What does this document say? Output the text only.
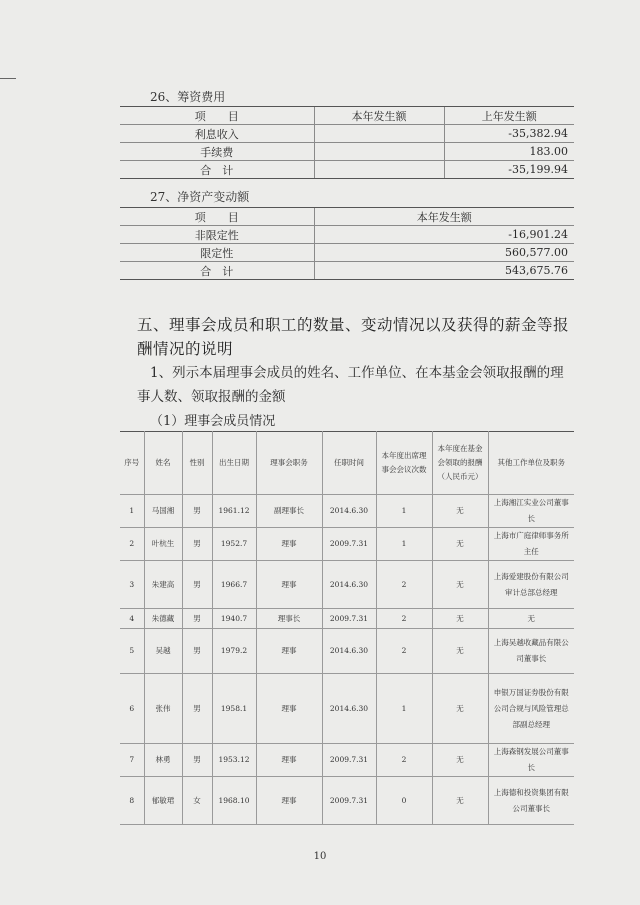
26、筹资费用
项　　目	本年发生额	上年发生额
利息收入		-35,382.94
手续费		183.00
合　计		-35,199.94
27、净资产变动额
项　　目	本年发生额
非限定性	-16,901.24
限定性	560,577.00
合　计	543,675.76
五、理事会成员和职工的数量、变动情况以及获得的薪金等报酬情况的说明
1、列示本届理事会成员的姓名、工作单位、在本基金会领取报酬的理事人数、领取报酬的金额
（1）理事会成员情况
序号	姓名	性别	出生日期	理事会职务	任职时间	本年度出席理事会会议次数	本年度在基金会领取的报酬（人民币元）	其他工作单位及职务
1	马国湘	男	1961.12	副理事长	2014.6.30	1	无	上海湘江实业公司董事长
2	叶杭生	男	1952.7	理事	2009.7.31	1	无	上海市广庭律师事务所主任
3	朱建高	男	1966.7	理事	2014.6.30	2	无	上海爱建股份有限公司审计总部总经理
4	朱德藏	男	1940.7	理事长	2009.7.31	2	无	无
5	吴越	男	1979.2	理事	2014.6.30	2	无	上海吴越收藏品有限公司董事长
6	张伟	男	1958.1	理事	2014.6.30	1	无	申银万国证券股份有限公司合规与风险管理总部副总经理
7	林勇	男	1953.12	理事	2009.7.31	2	无	上海森钢发展公司董事长
8	郁敏珺	女	1968.10	理事	2009.7.31	0	无	上海德和投资集团有限公司董事长
10
